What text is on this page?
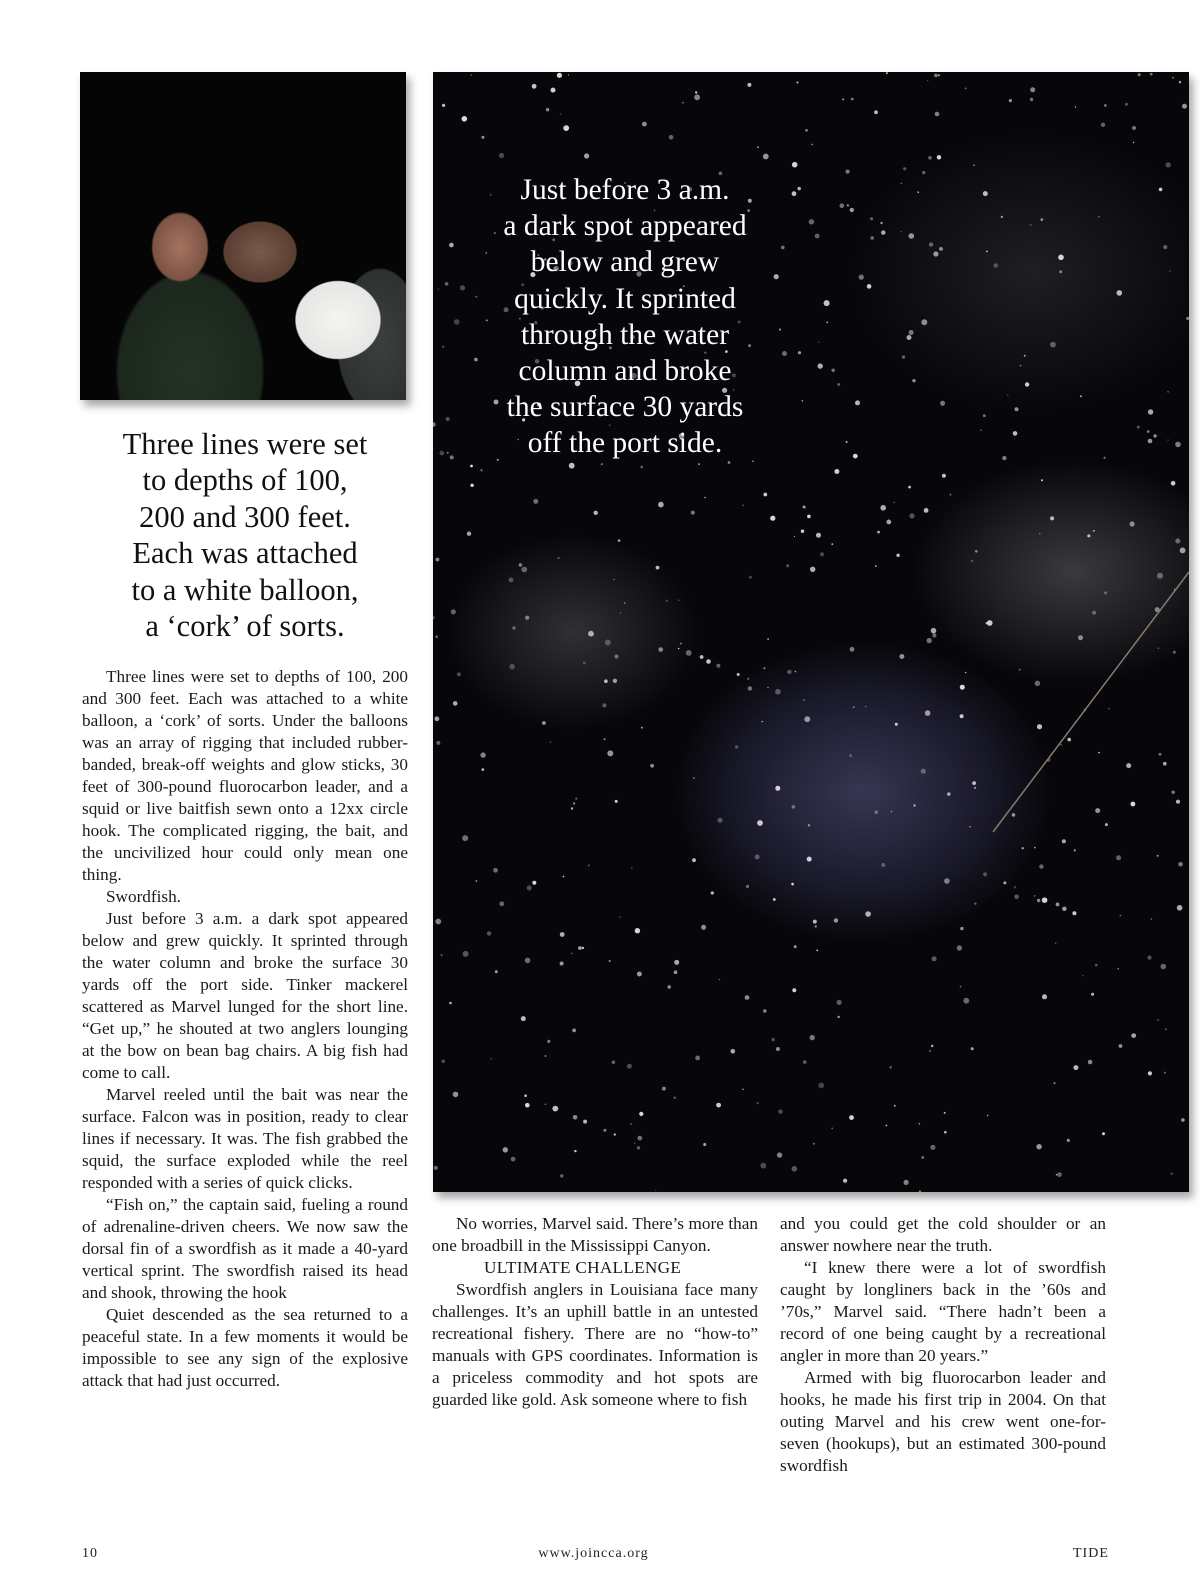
Just before 3 a.m.
a dark spot appeared
below and grew
quickly. It sprinted
through the water
column and broke
the surface 30 yards
off the port side.
Three lines were set
to depths of 100,
200 and 300 feet.
Each was attached
to a white balloon,
a ‘cork’ of sorts.

Three lines were set to depths of 100, 200 and 300 feet. Each was attached to a white balloon, a ‘cork’ of sorts. Under the balloons was an array of rigging that included rubber-banded, break-off weights and glow sticks, 30 feet of 300-pound fluorocarbon leader, and a squid or live baitfish sewn onto a 12xx circle hook. The complicated rigging, the bait, and the uncivilized hour could only mean one thing.

Swordfish.

Just before 3 a.m. a dark spot appeared below and grew quickly. It sprinted through the water column and broke the surface 30 yards off the port side. Tinker mackerel scattered as Marvel lunged for the short line. “Get up,” he shouted at two anglers lounging at the bow on bean bag chairs. A big fish had come to call.

Marvel reeled until the bait was near the surface. Falcon was in position, ready to clear lines if necessary. It was. The fish grabbed the squid, the surface exploded while the reel responded with a series of quick clicks.

“Fish on,” the captain said, fueling a round of adrenaline-driven cheers. We now saw the dorsal fin of a swordfish as it made a 40-yard vertical sprint. The swordfish raised its head and shook, throwing the hook

Quiet descended as the sea returned to a peaceful state. In a few moments it would be impossible to see any sign of the explosive attack that had just occurred.

No worries, Marvel said. There’s more than one broadbill in the Mississippi Canyon.

ULTIMATE CHALLENGE

Swordfish anglers in Louisiana face many challenges. It’s an uphill battle in an untested recreational fishery. There are no “how-to” manuals with GPS coordinates. Information is a priceless commodity and hot spots are guarded like gold. Ask someone where to fish

and you could get the cold shoulder or an answer nowhere near the truth.

“I knew there were a lot of swordfish caught by longliners back in the ’60s and ’70s,” Marvel said. “There hadn’t been a record of one being caught by a recreational angler in more than 20 years.”

Armed with big fluorocarbon leader and hooks, he made his first trip in 2004. On that outing Marvel and his crew went one-for-seven (hookups), but an estimated 300-pound swordfish

10	www.joincca.org	TIDE
